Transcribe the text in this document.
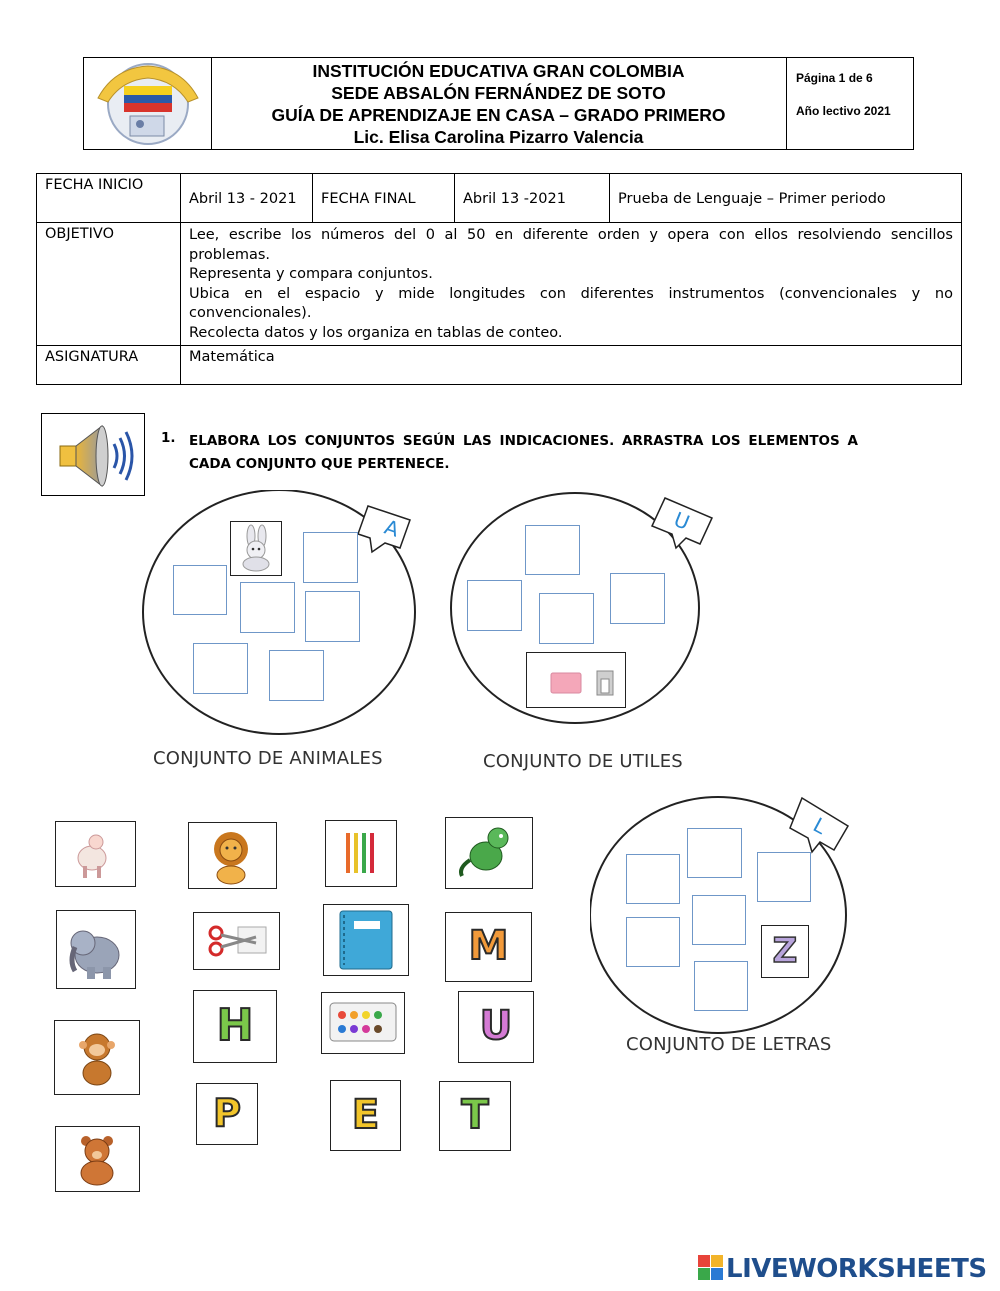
INSTITUCIÓN EDUCATIVA GRAN COLOMBIA
SEDE ABSALÓN FERNÁNDEZ DE SOTO
GUÍA DE APRENDIZAJE EN CASA – GRADO PRIMERO
Lic. Elisa Carolina Pizarro Valencia
Página 1 de 6
Año lectivo 2021
FECHA INICIO	Abril 13 - 2021	FECHA FINAL	Abril 13 -2021	Prueba de Lenguaje – Primer periodo
OBJETIVO	Lee, escribe los números del 0 al 50 en diferente orden y opera con ellos resolviendo sencillos problemas.

Representa y compara conjuntos.

Ubica en el espacio y mide longitudes con diferentes instrumentos (convencionales y no convencionales).

Recolecta datos y los organiza en tablas de conteo.			

ASIGNATURA	Matemática			
1. ELABORA LOS CONJUNTOS SEGÚN LAS INDICACIONES. ARRASTRA LOS ELEMENTOS A CADA CONJUNTO QUE PERTENECE.
A	U
CONJUNTO DE ANIMALES	CONJUNTO DE UTILES
L
Z
CONJUNTO DE LETRAS
H
P	E
M
U
T
LIVEWORKSHEETS
